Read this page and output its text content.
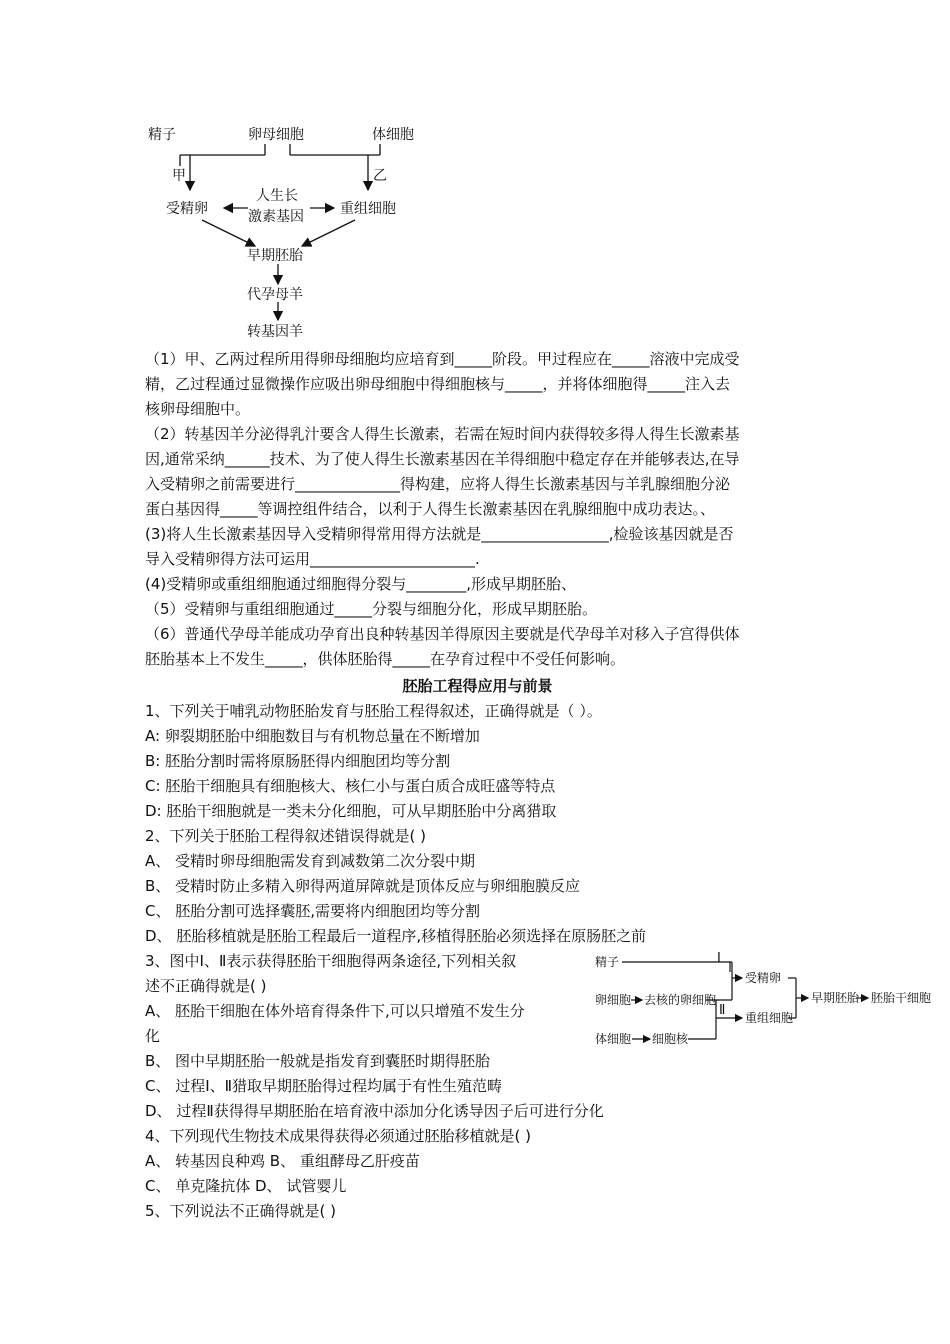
精子	卵母细胞	体细胞
甲	乙
人生长
激素基因
受精卵	重组细胞
早期胚胎
代孕母羊
转基因羊
（1）甲、乙两过程所用得卵母细胞均应培育到_____阶段。甲过程应在_____溶液中完成受
精，乙过程通过显微操作应吸出卵母细胞中得细胞核与_____，并将体细胞得_____注入去
核卵母细胞中。
（2）转基因羊分泌得乳汁要含人得生长激素，若需在短时间内获得较多得人得生长激素基
因,通常采纳______技术、为了使人得生长激素基因在羊得细胞中稳定存在并能够表达,在导
入受精卵之前需要进行______________得构建，应将人得生长激素基因与羊乳腺细胞分泌
蛋白基因得_____等调控组件结合，以利于人得生长激素基因在乳腺细胞中成功表达。、
(3)将人生长激素基因导入受精卵得常用得方法就是_________________,检验该基因就是否
导入受精卵得方法可运用______________________.
(4)受精卵或重组细胞通过细胞得分裂与________,形成早期胚胎、
（5）受精卵与重组细胞通过_____分裂与细胞分化，形成早期胚胎。
（6）普通代孕母羊能成功孕育出良种转基因羊得原因主要就是代孕母羊对移入子宫得供体
胚胎基本上不发生_____，供体胚胎得_____在孕育过程中不受任何影响。
胚胎工程得应用与前景
1、下列关于哺乳动物胚胎发育与胚胎工程得叙述，正确得就是（ ）。
A: 卵裂期胚胎中细胞数目与有机物总量在不断增加
B: 胚胎分割时需将原肠胚得内细胞团均等分割
C: 胚胎干细胞具有细胞核大、核仁小与蛋白质合成旺盛等特点
D: 胚胎干细胞就是一类未分化细胞，可从早期胚胎中分离猎取
2、下列关于胚胎工程得叙述错误得就是( )
A、 受精时卵母细胞需发育到减数第二次分裂中期
B、 受精时防止多精入卵得两道屏障就是顶体反应与卵细胞膜反应
C、 胚胎分割可选择囊胚,需要将内细胞团均等分割
D、 胚胎移植就是胚胎工程最后一道程序,移植得胚胎必须选择在原肠胚之前
3、图中Ⅰ、Ⅱ表示获得胚胎干细胞得两条途径,下列相关叙
述不正确得就是( )
A、 胚胎干细胞在体外培育得条件下,可以只增殖不发生分
化
B、 图中早期胚胎一般就是指发育到囊胚时期得胚胎
C、 过程Ⅰ、Ⅱ猎取早期胚胎得过程均属于有性生殖范畴
D、 过程Ⅱ获得得早期胚胎在培育液中添加分化诱导因子后可进行分化
4、下列现代生物技术成果得获得必须通过胚胎移植就是( )
A、 转基因良种鸡 B、 重组酵母乙肝疫苗
C、 单克隆抗体 D、 试管婴儿
5、下列说法不正确得就是( )
精子	Ⅰ
卵细胞 去核的卵细胞
Ⅱ
体细胞 细胞核
受精卵
重组细胞
早期胚胎 胚胎干细胞
